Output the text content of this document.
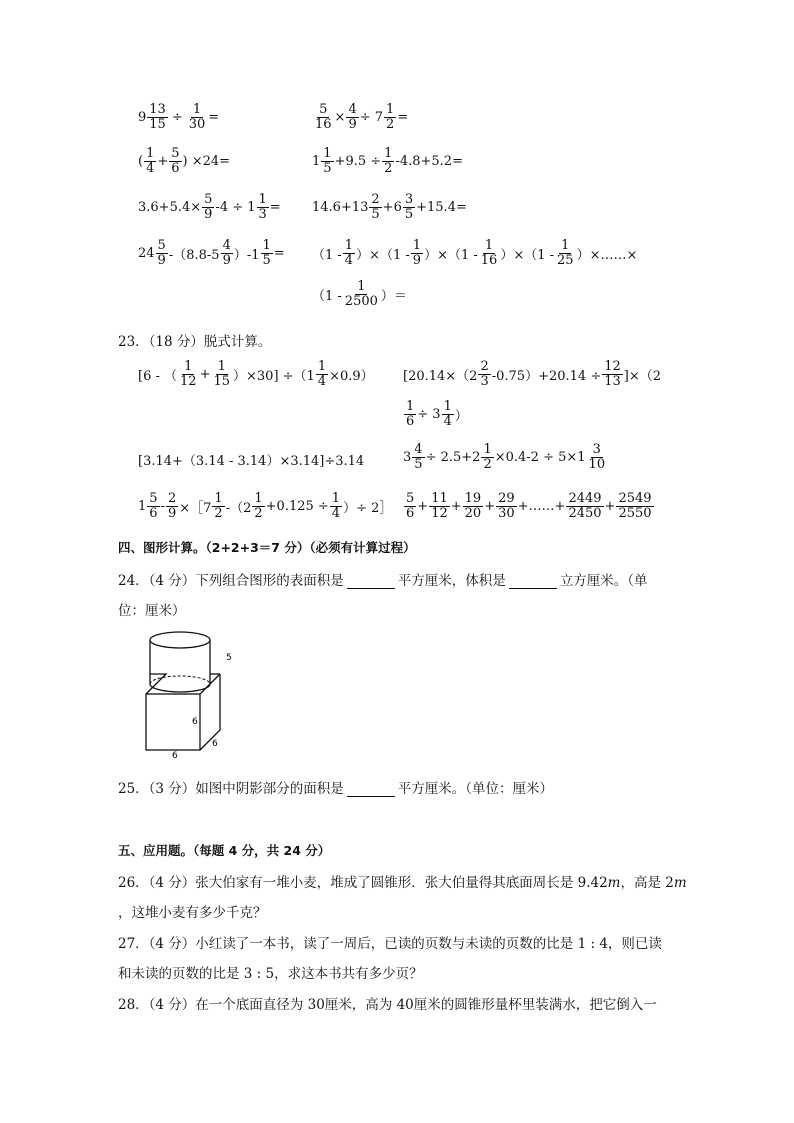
$9 \frac{13}{15} \div \frac{1}{30}$ =	$\frac{5}{16} \times \frac{4}{9} \div 7 \frac{1}{2}$ =
( $\frac{1}{4} + \frac{5}{6}$ ) ×24=	$1 \frac{1}{5} +9.5 \div \frac{1}{2} -4.8+5.2=$
$3.6+5.4\times \frac{5}{9} -4 \div 1 \frac{1}{3} = 14.6+13 \frac{2}{5} +6 \frac{3}{5} +15.4=$
$24 \frac{5}{9} -(8.8-5 \frac{4}{9} )-1 \frac{1}{5} = (1 - \frac{1}{4} )\times(1 - \frac{1}{9} )\times(1 - \frac{1}{16} )\times(1 - \frac{1}{25}$ ）×……×
（$1 - \frac{1}{2500}$ ）＝
23．（18 分）脱式计算。
[6 - （ $\frac{1}{12} + \frac{1}{15} )\times 30] \div(1 \frac{1}{4} \times 0.9)$ $[20.14\times(2 \frac{2}{3} -0.75)+20.14 \div \frac{12}{13} ]\times(2$
$\frac{1}{6} \div 3 \frac{1}{4}$ ）
[3.14+（3.14 - 3.14）×3.14]÷3.14	$3 \frac{4}{5} \div 2.5+2 \frac{1}{2} \times 0.4-2 \div 5\times 1 \frac{3}{10}$
$1 \frac{5}{6} - \frac{2}{9}$ ×［7 $\frac{1}{2} -(2 \frac{1}{2} +0.125 \div \frac{1}{4}$ ）÷ 2］ $\frac{5}{6} + \frac{11}{12} + \frac{19}{20} + \frac{29}{30}$ +……+ $\frac{2449}{2450} + \frac{2549}{2550}$
四、图形计算。（2+2+3＝7 分）（必须有计算过程）
24．（4 分）下列组合图形的表面积是	平方厘米，体积是	立方厘米。（单
位：厘米）
5
6
6
6
25．（3 分）如图中阴影部分的面积是	平方厘米。（单位：厘米）
五、应用题。（每题 4 分，共 24 分）
26．（4 分）张大伯家有一堆小麦，堆成了圆锥形．张大伯量得其底面周长是 9.42m，高是 2m
，这堆小麦有多少千克？
27．（4 分）小红读了一本书，读了一周后，已读的页数与未读的页数的比是 1 : 4，则已读
和未读的页数的比是 3 : 5，求这本书共有多少页？
28．（4 分）在一个底面直径为 30厘米，高为 40厘米的圆锥形量杯里装满水，把它倒入一
